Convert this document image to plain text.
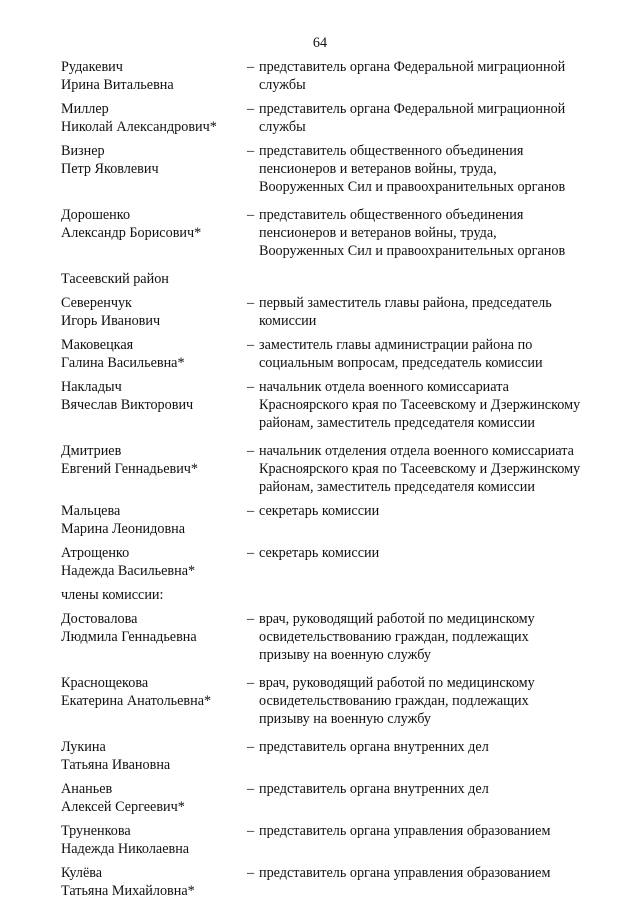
64
Рудакевич
Ирина Витальевна
– представитель органа Федеральной миграционной
службы
Миллер
Николай Александрович*
– представитель органа Федеральной миграционной
службы
Визнер
Петр Яковлевич
– представитель общественного объединения
пенсионеров и ветеранов войны, труда,
Вооруженных Сил и правоохранительных органов
Дорошенко
Александр Борисович*
– представитель общественного объединения
пенсионеров и ветеранов войны, труда,
Вооруженных Сил и правоохранительных органов
Тасеевский район
Северенчук
Игорь Иванович
– первый заместитель главы района, председатель
комиссии
Маковецкая
Галина Васильевна*
– заместитель главы администрации района по
социальным вопросам, председатель комиссии
Накладыч
Вячеслав Викторович
– начальник отдела военного комиссариата
Красноярского края по Тасеевскому и Дзержинскому
районам, заместитель председателя комиссии
Дмитриев
Евгений Геннадьевич*
– начальник отделения отдела военного комиссариата
Красноярского края по Тасеевскому и Дзержинскому
районам, заместитель председателя комиссии
Мальцева
Марина Леонидовна
– секретарь комиссии
Атрощенко
Надежда Васильевна*
– секретарь комиссии
члены комиссии:
Достовалова
Людмила Геннадьевна
– врач, руководящий работой по медицинскому
освидетельствованию граждан, подлежащих
призыву на военную службу
Краснощекова
Екатерина Анатольевна*
– врач, руководящий работой по медицинскому
освидетельствованию граждан, подлежащих
призыву на военную службу
Лукина
Татьяна Ивановна
– представитель органа внутренних дел
Ананьев
Алексей Сергеевич*
– представитель органа внутренних дел
Труненкова
Надежда Николаевна
– представитель органа управления образованием
Кулёва
Татьяна Михайловна*
– представитель органа управления образованием
